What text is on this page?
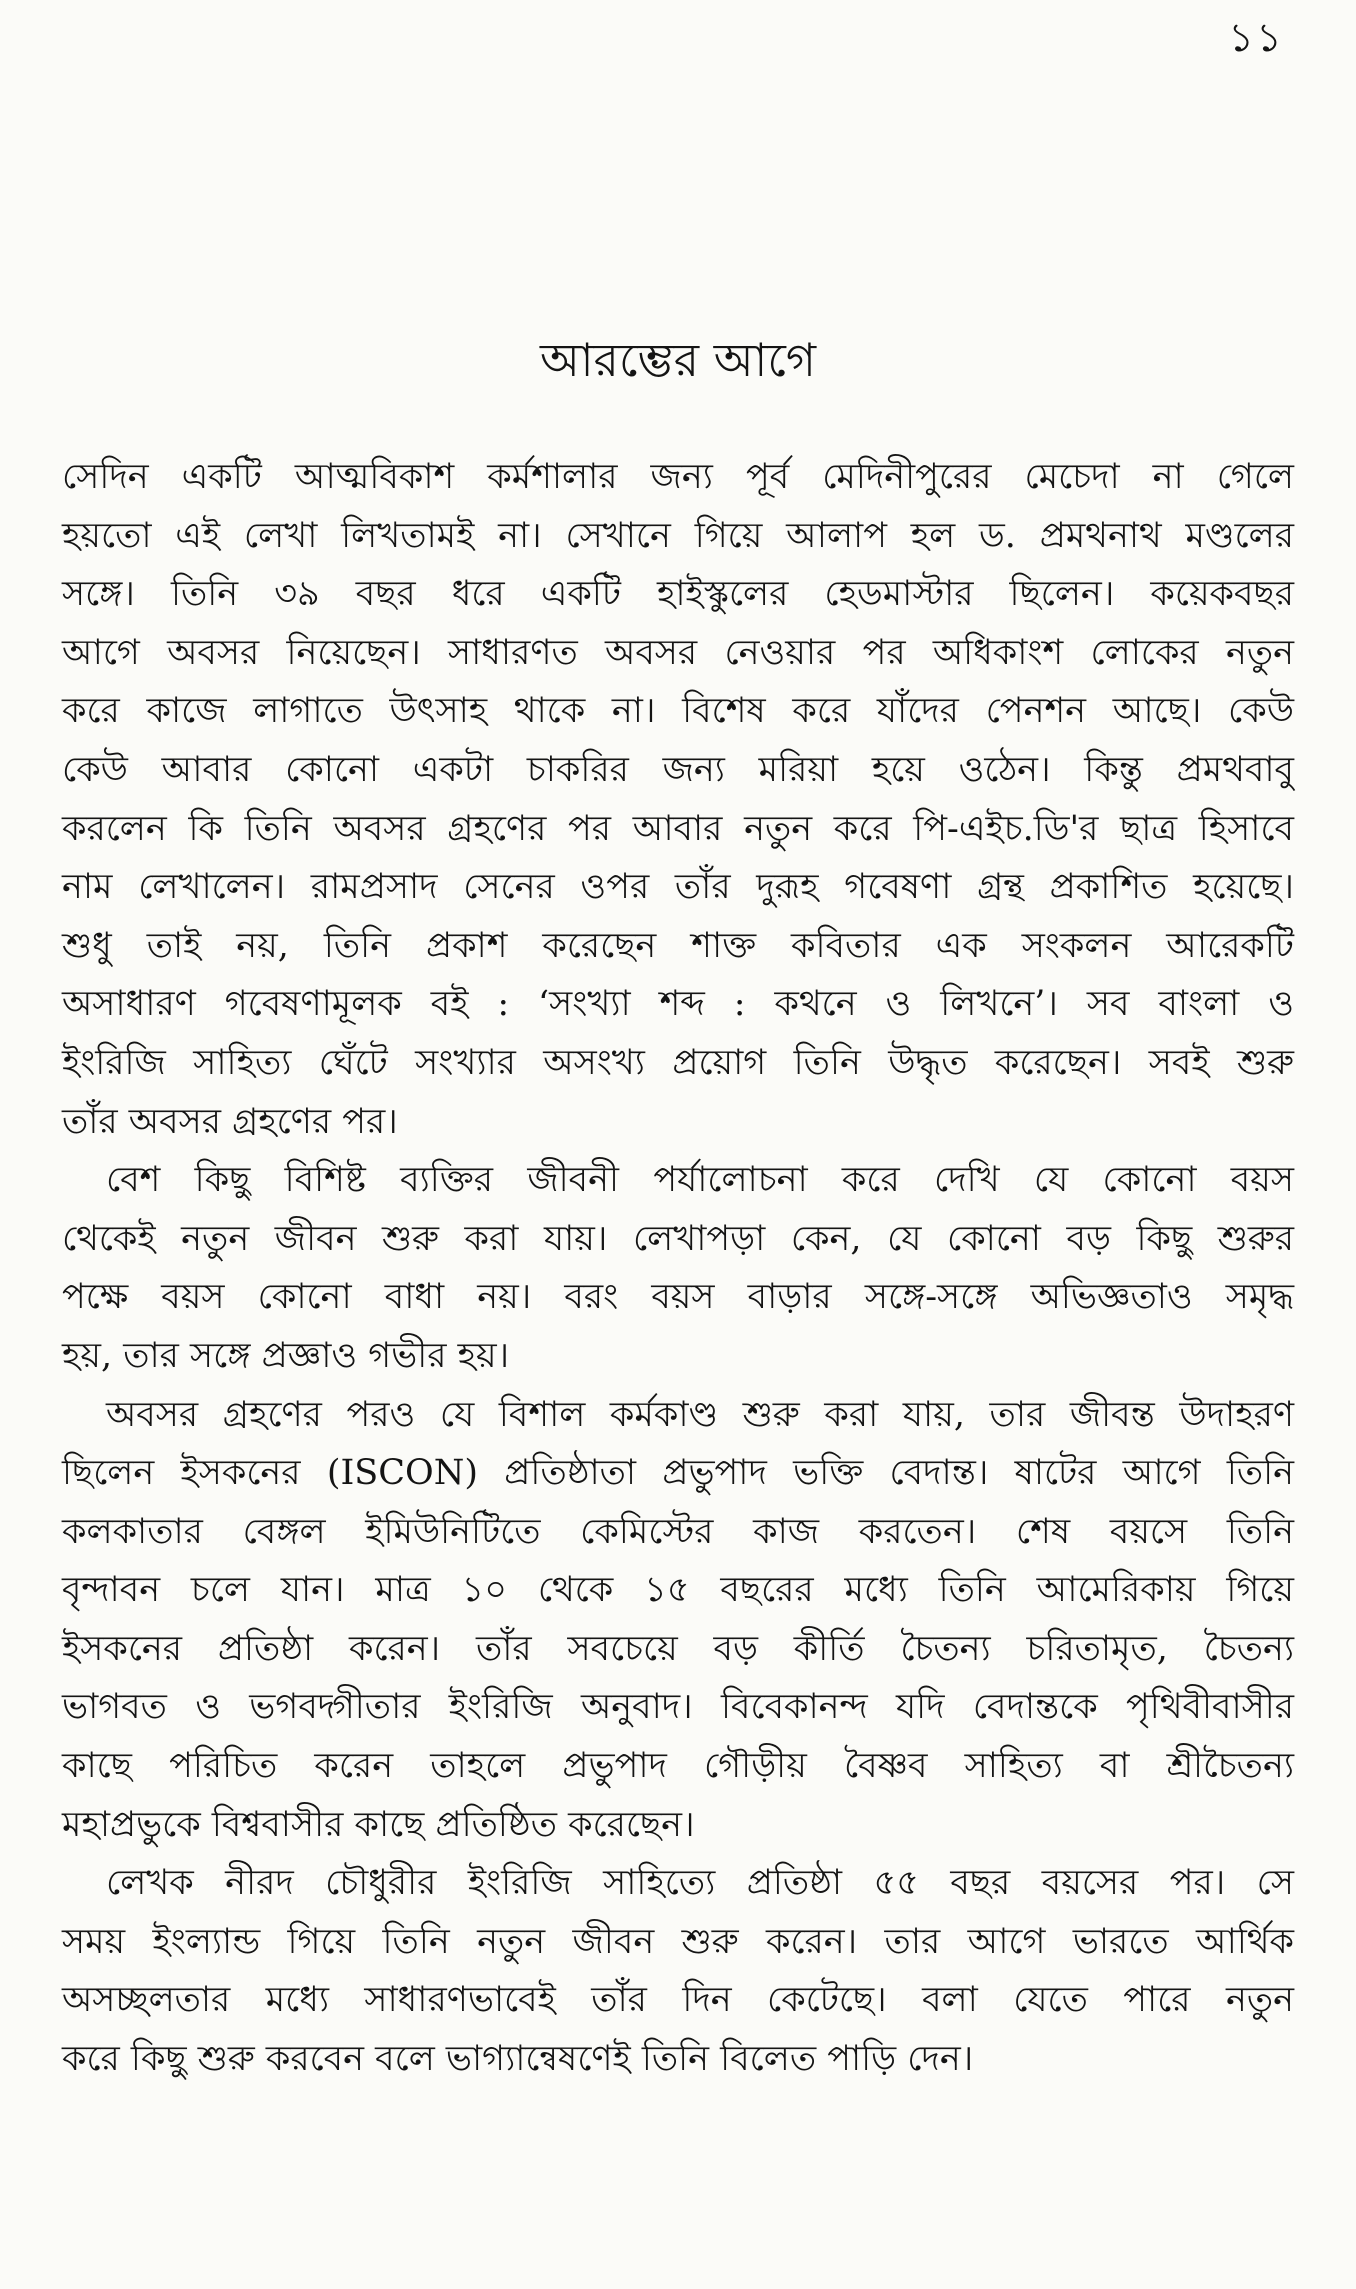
১১
আরম্ভের আগে

সেদিন একটি আত্মবিকাশ কর্মশালার জন্য পূর্ব মেদিনীপুরের মেচেদা না গেলে
হয়তো এই লেখা লিখতামই না। সেখানে গিয়ে আলাপ হল ড. প্রমথনাথ মণ্ডলের
সঙ্গে। তিনি ৩৯ বছর ধরে একটি হাইস্কুলের হেডমাস্টার ছিলেন। কয়েকবছর
আগে অবসর নিয়েছেন। সাধারণত অবসর নেওয়ার পর অধিকাংশ লোকের নতুন
করে কাজে লাগাতে উৎসাহ থাকে না। বিশেষ করে যাঁদের পেনশন আছে। কেউ
কেউ আবার কোনো একটা চাকরির জন্য মরিয়া হয়ে ওঠেন। কিন্তু প্রমথবাবু
করলেন কি তিনি অবসর গ্রহণের পর আবার নতুন করে পি-এইচ.ডি'র ছাত্র হিসাবে
নাম লেখালেন। রামপ্রসাদ সেনের ওপর তাঁর দুরূহ গবেষণা গ্রন্থ প্রকাশিত হয়েছে।
শুধু তাই নয়, তিনি প্রকাশ করেছেন শাক্ত কবিতার এক সংকলন আরেকটি
অসাধারণ গবেষণামূলক বই : ‘সংখ্যা শব্দ : কথনে ও লিখনে’। সব বাংলা ও
ইংরিজি সাহিত্য ঘেঁটে সংখ্যার অসংখ্য প্রয়োগ তিনি উদ্ধৃত করেছেন। সবই শুরু
তাঁর অবসর গ্রহণের পর।

বেশ কিছু বিশিষ্ট ব্যক্তির জীবনী পর্যালোচনা করে দেখি যে কোনো বয়স
থেকেই নতুন জীবন শুরু করা যায়। লেখাপড়া কেন, যে কোনো বড় কিছু শুরুর
পক্ষে বয়স কোনো বাধা নয়। বরং বয়স বাড়ার সঙ্গে-সঙ্গে অভিজ্ঞতাও সমৃদ্ধ
হয়, তার সঙ্গে প্রজ্ঞাও গভীর হয়।

অবসর গ্রহণের পরও যে বিশাল কর্মকাণ্ড শুরু করা যায়, তার জীবন্ত উদাহরণ
ছিলেন ইসকনের (ISCON) প্রতিষ্ঠাতা প্রভুপাদ ভক্তি বেদান্ত। ষাটের আগে তিনি
কলকাতার বেঙ্গল ইমিউনিটিতে কেমিস্টের কাজ করতেন। শেষ বয়সে তিনি
বৃন্দাবন চলে যান। মাত্র ১০ থেকে ১৫ বছরের মধ্যে তিনি আমেরিকায় গিয়ে
ইসকনের প্রতিষ্ঠা করেন। তাঁর সবচেয়ে বড় কীর্তি চৈতন্য চরিতামৃত, চৈতন্য
ভাগবত ও ভগবদ্গীতার ইংরিজি অনুবাদ। বিবেকানন্দ যদি বেদান্তকে পৃথিবীবাসীর
কাছে পরিচিত করেন তাহলে প্রভুপাদ গৌড়ীয় বৈষ্ণব সাহিত্য বা শ্রীচৈতন্য
মহাপ্রভুকে বিশ্ববাসীর কাছে প্রতিষ্ঠিত করেছেন।

লেখক নীরদ চৌধুরীর ইংরিজি সাহিত্যে প্রতিষ্ঠা ৫৫ বছর বয়সের পর। সে
সময় ইংল্যান্ড গিয়ে তিনি নতুন জীবন শুরু করেন। তার আগে ভারতে আর্থিক
অসচ্ছলতার মধ্যে সাধারণভাবেই তাঁর দিন কেটেছে। বলা যেতে পারে নতুন
করে কিছু শুরু করবেন বলে ভাগ্যান্বেষণেই তিনি বিলেত পাড়ি দেন।
